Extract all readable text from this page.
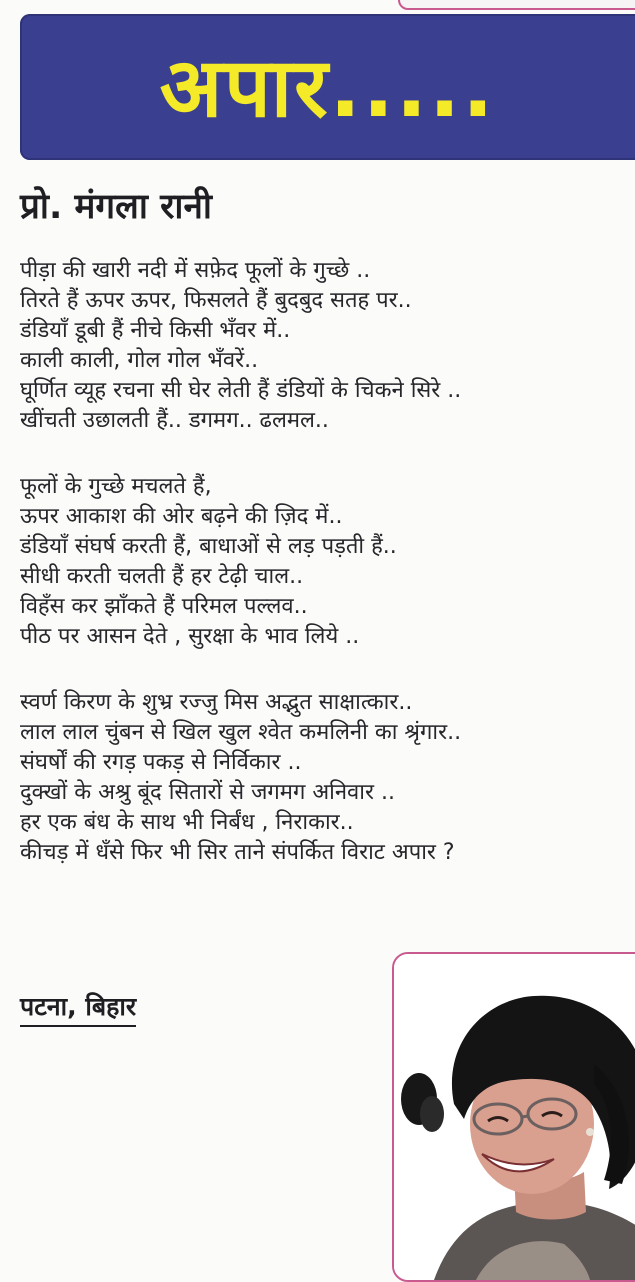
अपार.....
प्रो. मंगला रानी
पीड़ा की खारी नदी में सफ़ेद फूलों के गुच्छे ..
तिरते हैं ऊपर ऊपर, फिसलते हैं बुदबुद सतह पर..
डंडियाँ डूबी हैं नीचे किसी भँवर में..
काली काली, गोल गोल भँवरें..
घूर्णित व्यूह रचना सी घेर लेती हैं डंडियों के चिकने सिरे ..
खींचती उछालती हैं.. डगमग.. ढलमल..
फूलों के गुच्छे मचलते हैं,
ऊपर आकाश की ओर बढ़ने की ज़िद में..
डंडियाँ संघर्ष करती हैं, बाधाओं से लड़ पड़ती हैं..
सीधी करती चलती हैं हर टेढ़ी चाल..
विहँस कर झाँकते हैं परिमल पल्लव..
पीठ पर आसन देते , सुरक्षा के भाव लिये ..
स्वर्ण किरण के शुभ्र रज्जु मिस अद्भुत साक्षात्कार..
लाल लाल चुंबन से खिल खुल श्वेत कमलिनी का श्रृंगार..
संघर्षों की रगड़ पकड़ से निर्विकार ..
दुक्खों के अश्रु बूंद सितारों से जगमग अनिवार ..
हर एक बंध के साथ भी निर्बंध , निराकार..
कीचड़ में धँसे फिर भी सिर ताने संपर्कित विराट अपार ?
पटना, बिहार
